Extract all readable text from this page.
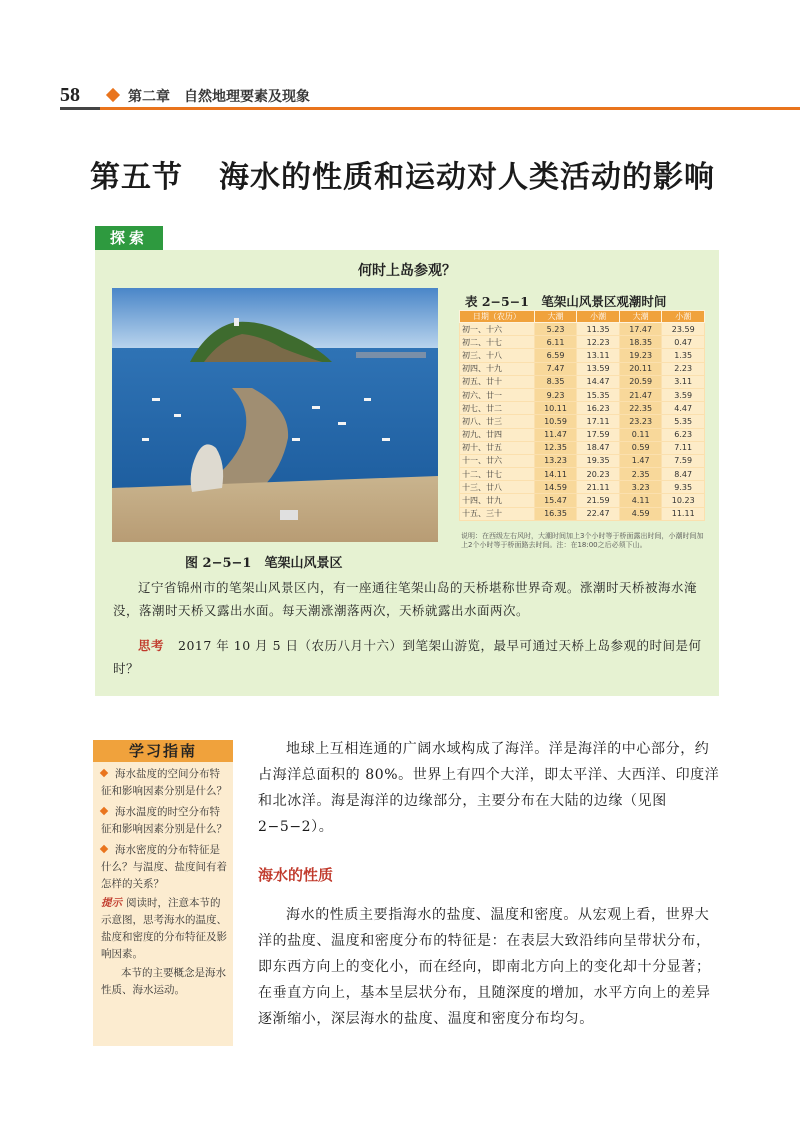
58	第二章　自然地理要素及现象
第五节 海水的性质和运动对人类活动的影响
探索
何时上岛参观？
图 2−5−1　笔架山风景区
表 2−5−1　笔架山风景区观潮时间
日期（农历）	大潮	小潮	大潮	小潮
初一、十六	5.23	11.35	17.47	23.59
初二、十七	6.11	12.23	18.35	0.47
初三、十八	6.59	13.11	19.23	1.35
初四、十九	7.47	13.59	20.11	2.23
初五、廿十	8.35	14.47	20.59	3.11
初六、廿一	9.23	15.35	21.47	3.59
初七、廿二	10.11	16.23	22.35	4.47
初八、廿三	10.59	17.11	23.23	5.35
初九、廿四	11.47	17.59	0.11	6.23
初十、廿五	12.35	18.47	0.59	7.11
十一、廿六	13.23	19.35	1.47	7.59
十二、廿七	14.11	20.23	2.35	8.47
十三、廿八	14.59	21.11	3.23	9.35
十四、廿九	15.47	21.59	4.11	10.23
十五、三十	16.35	22.47	4.59	11.11
说明：在西级左右风时，大潮时间加上3个小时等于桥面露出时间，小潮时间加上2个小时等于桥面路去时间。注：在18:00之后必须下山。
辽宁省锦州市的笔架山风景区内，有一座通往笔架山岛的天桥堪称世界奇观。涨潮时天桥被海水淹没，落潮时天桥又露出水面。每天潮涨潮落两次，天桥就露出水面两次。
思考 2017 年 10 月 5 日（农历八月十六）到笔架山游览，最早可通过天桥上岛参观的时间是何时？
学习指南
海水盐度的空间分布特征和影响因素分别是什么？
海水温度的时空分布特征和影响因素分别是什么？
海水密度的分布特征是什么？与温度、盐度间有着怎样的关系？
提示 阅读时，注意本节的示意图，思考海水的温度、盐度和密度的分布特征及影响因素。
本节的主要概念是海水性质、海水运动。
地球上互相连通的广阔水域构成了海洋。洋是海洋的中心部分，约占海洋总面积的 80%。世界上有四个大洋，即太平洋、大西洋、印度洋和北冰洋。海是海洋的边缘部分，主要分布在大陆的边缘（见图 2−5−2）。
海水的性质
海水的性质主要指海水的盐度、温度和密度。从宏观上看，世界大洋的盐度、温度和密度分布的特征是：在表层大致沿纬向呈带状分布，即东西方向上的变化小，而在经向，即南北方向上的变化却十分显著；在垂直方向上，基本呈层状分布，且随深度的增加，水平方向上的差异逐渐缩小，深层海水的盐度、温度和密度分布均匀。
